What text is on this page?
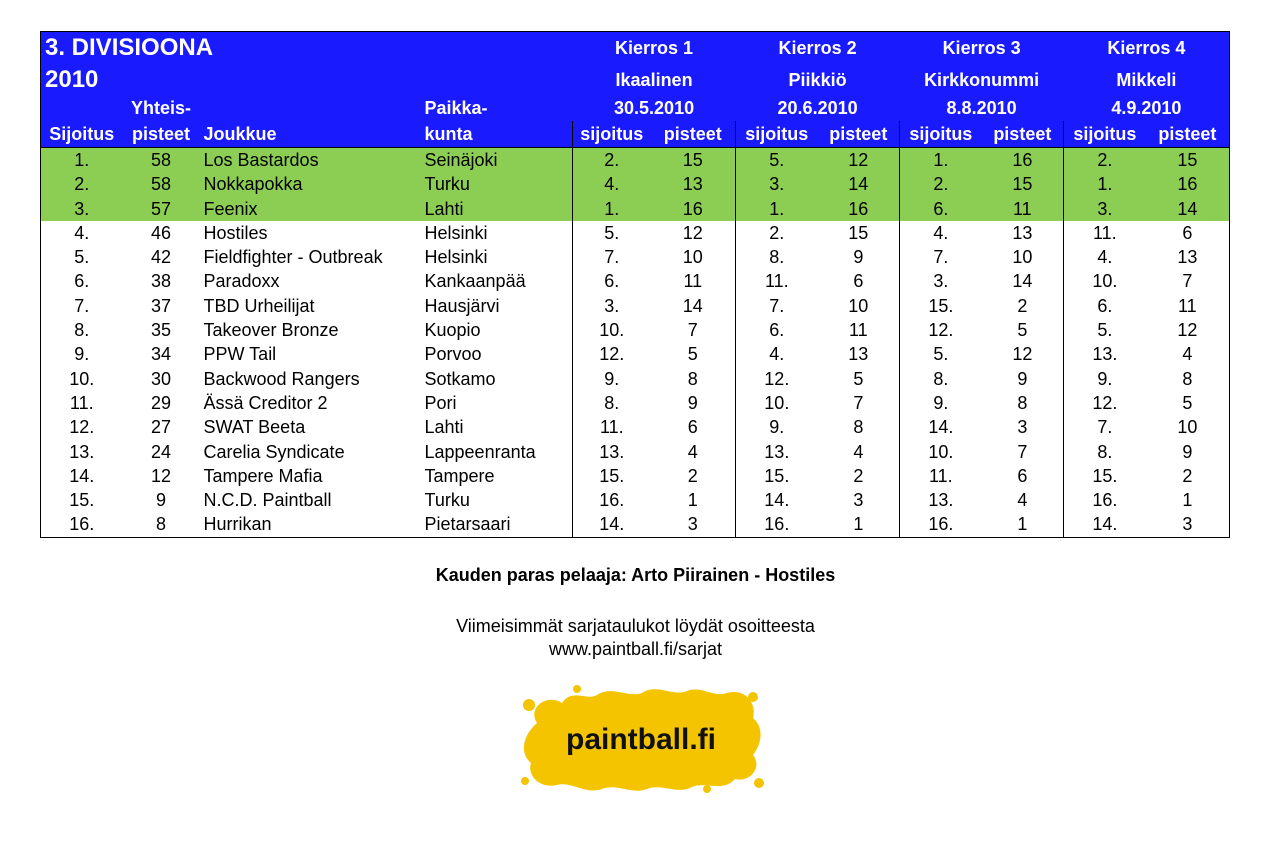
3. DIVISIOONA				Kierros 1		Kierros 2		Kierros 3		Kierros 4	
2010				Ikaalinen		Piikkiö		Kirkkonummi		Mikkeli	
	Yhteis-		Paikka-	30.5.2010		20.6.2010		8.8.2010		4.9.2010	
Sijoitus	pisteet	Joukkue	kunta	sijoitus	pisteet	sijoitus	pisteet	sijoitus	pisteet	sijoitus	pisteet
1.	58	Los Bastardos	Seinäjoki	2.	15	5.	12	1.	16	2.	15
2.	58	Nokkapokka	Turku	4.	13	3.	14	2.	15	1.	16
3.	57	Feenix	Lahti	1.	16	1.	16	6.	11	3.	14
4.	46	Hostiles	Helsinki	5.	12	2.	15	4.	13	11.	6
5.	42	Fieldfighter - Outbreak	Helsinki	7.	10	8.	9	7.	10	4.	13
6.	38	Paradoxx	Kankaanpää	6.	11	11.	6	3.	14	10.	7
7.	37	TBD Urheilijat	Hausjärvi	3.	14	7.	10	15.	2	6.	11
8.	35	Takeover Bronze	Kuopio	10.	7	6.	11	12.	5	5.	12
9.	34	PPW Tail	Porvoo	12.	5	4.	13	5.	12	13.	4
10.	30	Backwood Rangers	Sotkamo	9.	8	12.	5	8.	9	9.	8
11.	29	Ässä Creditor 2	Pori	8.	9	10.	7	9.	8	12.	5
12.	27	SWAT Beeta	Lahti	11.	6	9.	8	14.	3	7.	10
13.	24	Carelia Syndicate	Lappeenranta	13.	4	13.	4	10.	7	8.	9
14.	12	Tampere Mafia	Tampere	15.	2	15.	2	11.	6	15.	2
15.	9	N.C.D. Paintball	Turku	16.	1	14.	3	13.	4	16.	1
16.	8	Hurrikan	Pietarsaari	14.	3	16.	1	16.	1	14.	3
Kauden paras pelaaja: Arto Piirainen - Hostiles
Viimeisimmät sarjataulukot löydät osoitteesta
www.paintball.fi/sarjat
paintball.fi
